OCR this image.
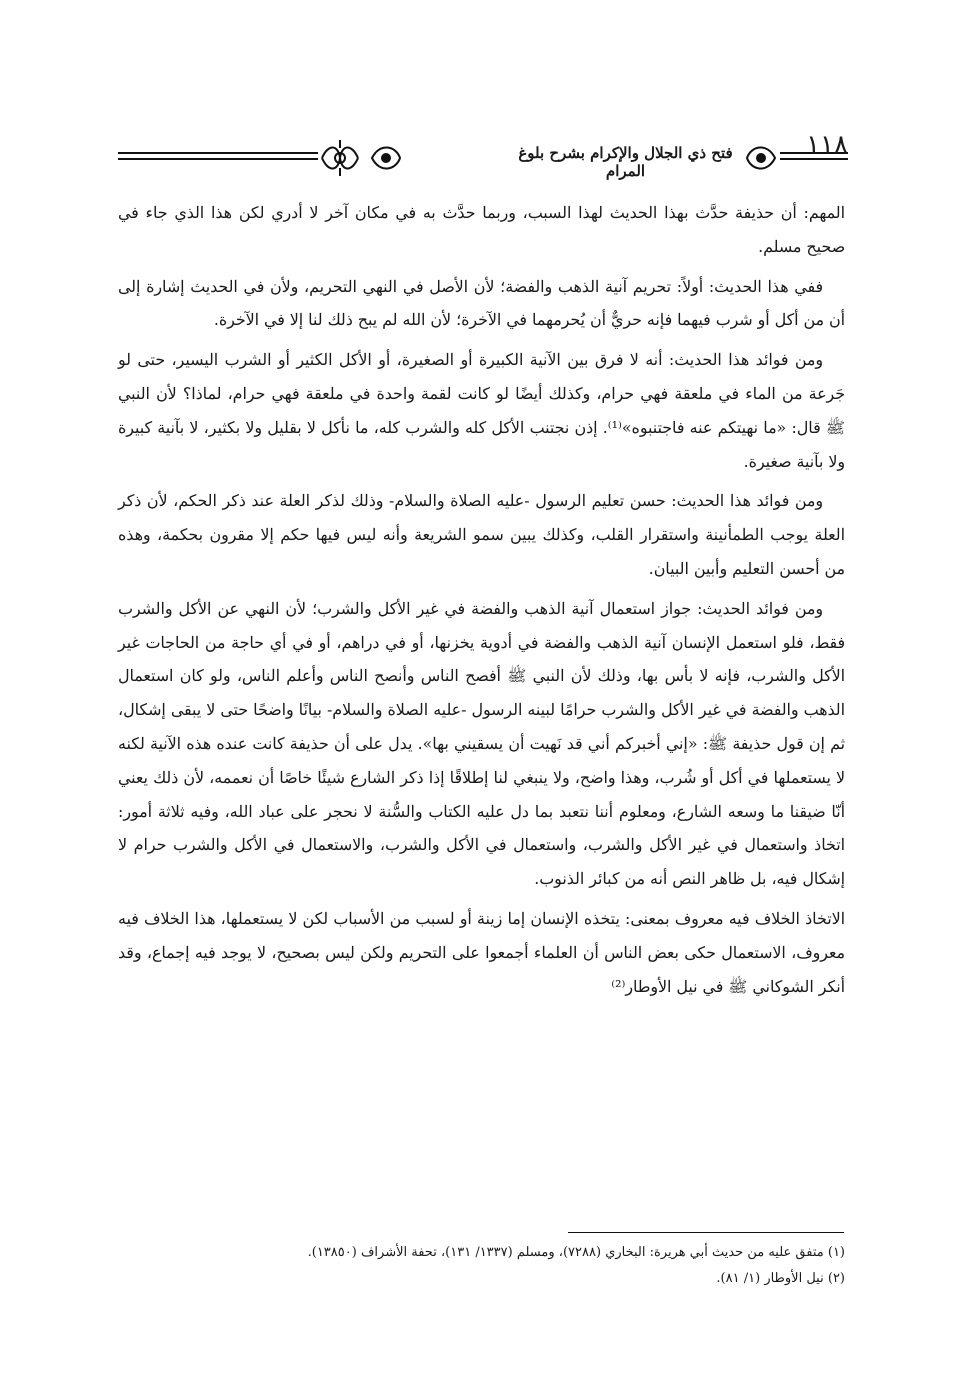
فتح ذي الجلال والإكرام بشرح بلوغ المرام
١١٨

المهم: أن حذيفة حدَّث بهذا الحديث لهذا السبب، وربما حدَّث به في مكان آخر لا أدري لكن هذا الذي جاء في صحيح مسلم.

ففي هذا الحديث: أولاً: تحريم آنية الذهب والفضة؛ لأن الأصل في النهي التحريم، ولأن في الحديث إشارة إلى أن من أكل أو شرب فيهما فإنه حريٌّ أن يُحرمهما في الآخرة؛ لأن الله لم يبح ذلك لنا إلا في الآخرة.

ومن فوائد هذا الحديث: أنه لا فرق بين الآنية الكبيرة أو الصغيرة، أو الأكل الكثير أو الشرب اليسير، حتى لو جَرعة من الماء في ملعقة فهي حرام، وكذلك أيضًا لو كانت لقمة واحدة في ملعقة فهي حرام، لماذا؟ لأن النبي ﷺ قال: «ما نهيتكم عنه فاجتنبوه»⁽¹⁾. إذن نجتنب الأكل كله والشرب كله، ما نأكل لا بقليل ولا بكثير، لا بآنية كبيرة ولا بآنية صغيرة.

ومن فوائد هذا الحديث: حسن تعليم الرسول -عليه الصلاة والسلام- وذلك لذكر العلة عند ذكر الحكم، لأن ذكر العلة يوجب الطمأنينة واستقرار القلب، وكذلك يبين سمو الشريعة وأنه ليس فيها حكم إلا مقرون بحكمة، وهذه من أحسن التعليم وأبين البيان.

ومن فوائد الحديث: جواز استعمال آنية الذهب والفضة في غير الأكل والشرب؛ لأن النهي عن الأكل والشرب فقط، فلو استعمل الإنسان آنية الذهب والفضة في أدوية يخزنها، أو في دراهم، أو في أي حاجة من الحاجات غير الأكل والشرب، فإنه لا بأس بها، وذلك لأن النبي ﷺ أفصح الناس وأنصح الناس وأعلم الناس، ولو كان استعمال الذهب والفضة في غير الأكل والشرب حرامًا لبينه الرسول -عليه الصلاة والسلام- بيانًا واضحًا حتى لا يبقى إشكال، ثم إن قول حذيفة ﷺ: «إني أخبركم أني قد نَهيت أن يسقيني بها». يدل على أن حذيفة كانت عنده هذه الآنية لكنه لا يستعملها في أكل أو شُرب، وهذا واضح، ولا ينبغي لنا إطلاقًا إذا ذكر الشارع شيئًا خاصًا أن نعممه، لأن ذلك يعني أنّا ضيقنا ما وسعه الشارع، ومعلوم أننا نتعبد بما دل عليه الكتاب والسُّنة لا نحجر على عباد الله، وفيه ثلاثة أمور: اتخاذ واستعمال في غير الأكل والشرب، واستعمال في الأكل والشرب، والاستعمال في الأكل والشرب حرام لا إشكال فيه، بل ظاهر النص أنه من كبائر الذنوب.

الاتخاذ الخلاف فيه معروف بمعنى: يتخذه الإنسان إما زينة أو لسبب من الأسباب لكن لا يستعملها، هذا الخلاف فيه معروف، الاستعمال حكى بعض الناس أن العلماء أجمعوا على التحريم ولكن ليس بصحيح، لا يوجد فيه إجماع، وقد أنكر الشوكاني ﷺ في نيل الأوطار⁽²⁾

(١) متفق عليه من حديث أبي هريرة: البخاري (٧٢٨٨)، ومسلم (١٣٣٧/ ١٣١)، تحفة الأشراف (١٣٨٥٠).

(٢) نيل الأوطار (١/ ٨١).
